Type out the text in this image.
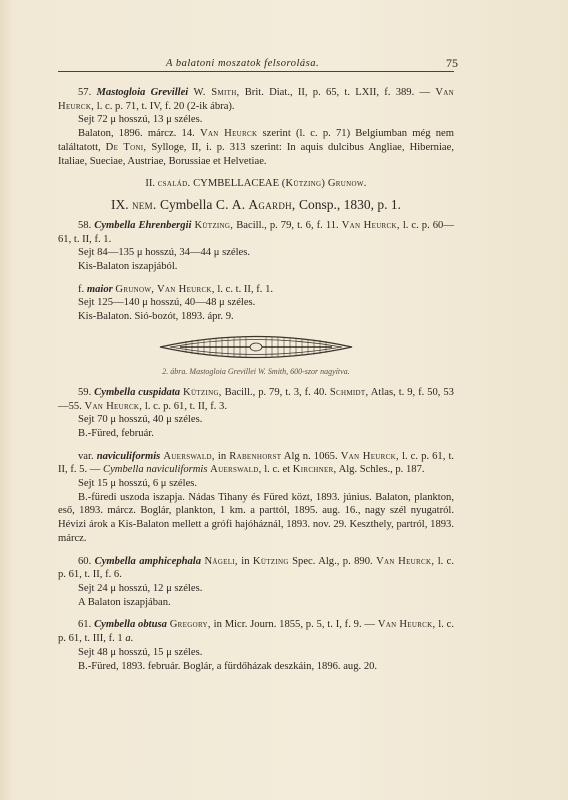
A balatoni moszatok felsorolása.	75

57. Mastogloia Grevillei W. Smith, Brit. Diat., II, p. 65, t. LXII, f. 389. — Van Heurck, l. c. p. 71, t. IV, f. 20 (2-ik ábra).

Sejt 72 μ hosszú, 13 μ széles.

Balaton, 1896. márcz. 14. Van Heurck szerint (l. c. p. 71) Belgiumban még nem találtatott, De Toni, Sylloge, II, i. p. 313 szerint: In aquis dulcibus Angliae, Hiberniae, Italiae, Sueciae, Austriae, Borussiae et Helvetiae.

II. család. CYMBELLACEAE (Kützing) Grunow.

IX. nem. Cymbella C. A. Agardh, Consp., 1830, p. 1.

58. Cymbella Ehrenbergii Kützing, Bacill., p. 79, t. 6, f. 11. Van Heurck, l. c. p. 60—61, t. II, f. 1.

Sejt 84—135 μ hosszú, 34—44 μ széles.

Kis-Balaton iszapjából.

f. maior Grunow, Van Heurck, l. c. t. II, f. 1.

Sejt 125—140 μ hosszú, 40—48 μ széles.

Kis-Balaton. Sió-bozót, 1893. ápr. 9.

2. ábra. Mastogloia Grevillei W. Smith, 600-szor nagyítva.

59. Cymbella cuspidata Kützing, Bacill., p. 79, t. 3, f. 40. Schmidt, Atlas, t. 9, f. 50, 53—55. Van Heurck, l. c. p. 61, t. II, f. 3.

Sejt 70 μ hosszú, 40 μ széles.

B.-Füred, február.

var. naviculiformis Auerswald, in Rabenhorst Alg n. 1065. Van Heurck, l. c. p. 61, t. II, f. 5. — Cymbella naviculiformis Auerswald, l. c. et Kirchner, Alg. Schles., p. 187.

Sejt 15 μ hosszú, 6 μ széles.

B.-füredi uszoda iszapja. Nádas Tihany és Füred közt, 1893. június. Balaton, plankton, eső, 1893. márcz. Boglár, plankton, 1 km. a parttól, 1895. aug. 16., nagy szél nyugatról. Hévizi árok a Kis-Balaton mellett a grófi hajóháznál, 1893. nov. 29. Keszthely, partról, 1893. márcz.

60. Cymbella amphicephala Nägeli, in Kützing Spec. Alg., p. 890. Van Heurck, l. c. p. 61, t. II, f. 6.

Sejt 24 μ hosszú, 12 μ széles.

A Balaton iszapjában.

61. Cymbella obtusa Gregory, in Micr. Journ. 1855, p. 5, t. I, f. 9. — Van Heurck, l. c. p. 61, t. III, f. 1 a.

Sejt 48 μ hosszú, 15 μ széles.

B.-Füred, 1893. február. Boglár, a fürdőházak deszkáin, 1896. aug. 20.
